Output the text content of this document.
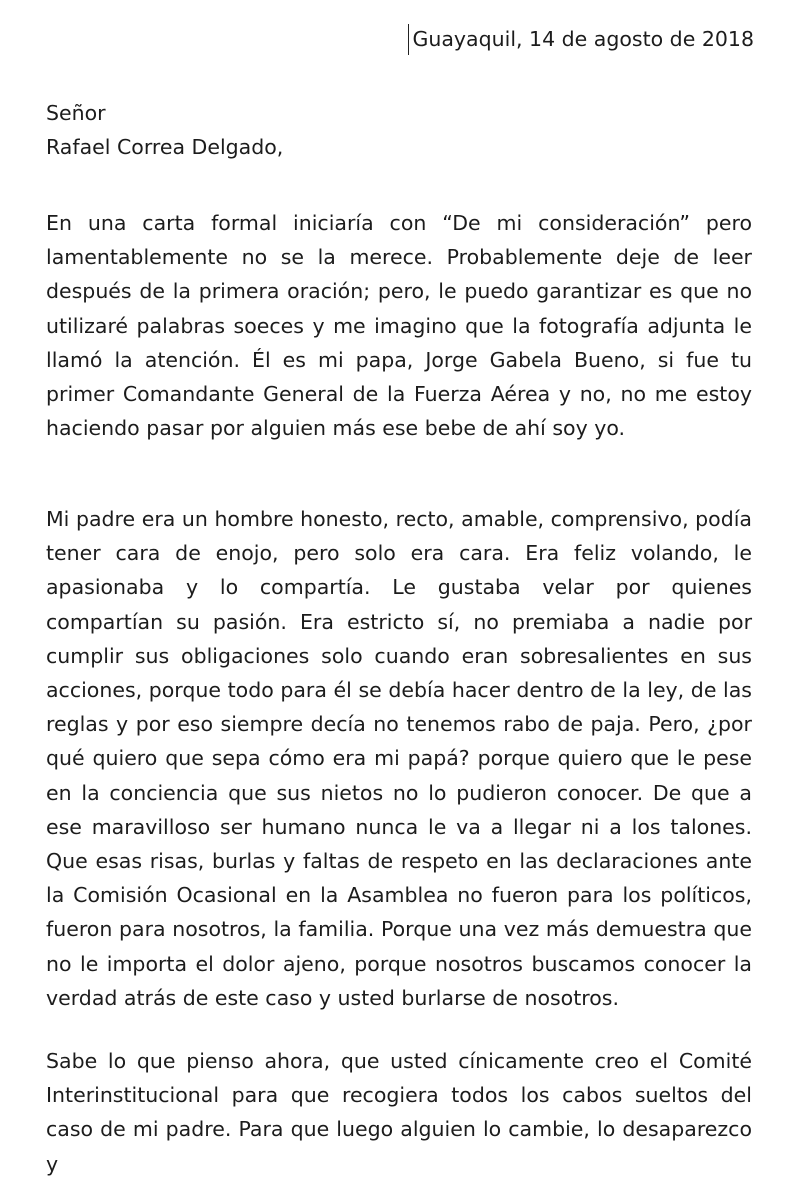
Guayaquil, 14 de agosto de 2018
Señor
Rafael Correa Delgado,

En una carta formal iniciaría con “De mi consideración” pero lamentablemente no se la merece. Probablemente deje de leer después de la primera oración; pero, le puedo garantizar es que no utilizaré palabras soeces y me imagino que la fotografía adjunta le llamó la atención. Él es mi papa, Jorge Gabela Bueno, si fue tu primer Comandante General de la Fuerza Aérea y no, no me estoy haciendo pasar por alguien más ese bebe de ahí soy yo.

Mi padre era un hombre honesto, recto, amable, comprensivo, podía tener cara de enojo, pero solo era cara. Era feliz volando, le apasionaba y lo compartía. Le gustaba velar por quienes compartían su pasión. Era estricto sí, no premiaba a nadie por cumplir sus obligaciones solo cuando eran sobresalientes en sus acciones, porque todo para él se debía hacer dentro de la ley, de las reglas y por eso siempre decía no tenemos rabo de paja. Pero, ¿por qué quiero que sepa cómo era mi papá? porque quiero que le pese en la conciencia que sus nietos no lo pudieron conocer. De que a ese maravilloso ser humano nunca le va a llegar ni a los talones. Que esas risas, burlas y faltas de respeto en las declaraciones ante la Comisión Ocasional en la Asamblea no fueron para los políticos, fueron para nosotros, la familia. Porque una vez más demuestra que no le importa el dolor ajeno, porque nosotros buscamos conocer la verdad atrás de este caso y usted burlarse de nosotros.

Sabe lo que pienso ahora, que usted cínicamente creo el Comité Interinstitucional para que recogiera todos los cabos sueltos del caso de mi padre. Para que luego alguien lo cambie, lo desaparezco y
